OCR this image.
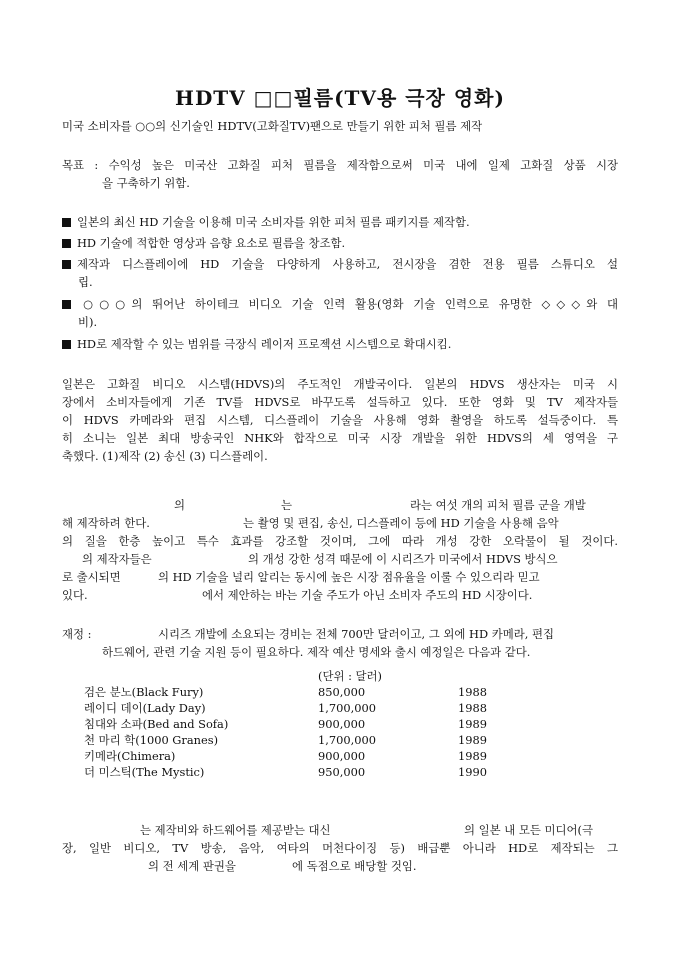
HDTV □□필름(TV용 극장 영화)
미국 소비자를 ○○의 신기술인 HDTV(고화질TV)팬으로 만들기 위한 피처 필름 제작
목표 : 수익성 높은 미국산 고화질 피처 필름을 제작함으로써 미국 내에 일제 고화질 상품 시장
을 구축하기 위함.
일본의 최신 HD 기술을 이용해 미국 소비자를 위한 피처 필름 패키지를 제작함.
HD 기술에 적합한 영상과 음향 요소로 필름을 창조함.
제작과 디스플레이에 HD 기술을 다양하게 사용하고, 전시장을 겸한 전용 필름 스튜디오 설
립.
○○○의 뛰어난 하이테크 비디오 기술 인력 활용(영화 기술 인력으로 유명한 ◇◇◇와 대
비).
HD로 제작할 수 있는 범위를 극장식 레이저 프로젝션 시스템으로 확대시킴.
일본은 고화질 비디오 시스템(HDVS)의 주도적인 개발국이다. 일본의 HDVS 생산자는 미국 시
장에서 소비자들에게 기존 TV를 HDVS로 바꾸도록 설득하고 있다. 또한 영화 및 TV 제작자들
이 HDVS 카메라와 편집 시스템, 디스플레이 기술을 사용해 영화 촬영을 하도록 설득중이다. 특
히 소니는 일본 최대 방송국인 NHK와 합작으로 미국 시장 개발을 위한 HDVS의 세 영역을 구
축했다. (1)제작 (2) 송신 (3) 디스플레이.
의	는	라는 여섯 개의 피처 필름 군을 개발
해 제작하려 한다.	는 촬영 및 편집, 송신, 디스플레이 등에 HD 기술을 사용해 음악
의 질을 한층 높이고 특수 효과를 강조할 것이며, 그에 따라 개성 강한 오락물이 될 것이다.
의 제작자들은	의 개성 강한 성격 때문에 이 시리즈가 미국에서 HDVS 방식으
로 출시되면	의 HD 기술을 널리 알리는 동시에 높은 시장 점유율을 이룰 수 있으리라 믿고
있다.	에서 제안하는 바는 기술 주도가 아닌 소비자 주도의 HD 시장이다.
재정 :	시리즈 개발에 소요되는 경비는 전체 700만 달러이고, 그 외에 HD 카메라, 편집
하드웨어, 관련 기술 지원 등이 필요하다. 제작 예산 명세와 출시 예정일은 다음과 같다.
(단위 : 달러)
검은 분노(Black Fury)	850,000	1988
레이디 데이(Lady Day)	1,700,000	1988
침대와 소파(Bed and Sofa)	900,000	1989
천 마리 학(1000 Granes)	1,700,000	1989
키메라(Chimera)	900,000	1989
더 미스틱(The Mystic)	950,000	1990
는 제작비와 하드웨어를 제공받는 대신	의 일본 내 모든 미디어(극
장, 일반 비디오, TV 방송, 음악, 여타의 머천다이징 등) 배급뿐 아니라 HD로 제작되는 그
의 전 세계 판권을	에 독점으로 배당할 것임.
